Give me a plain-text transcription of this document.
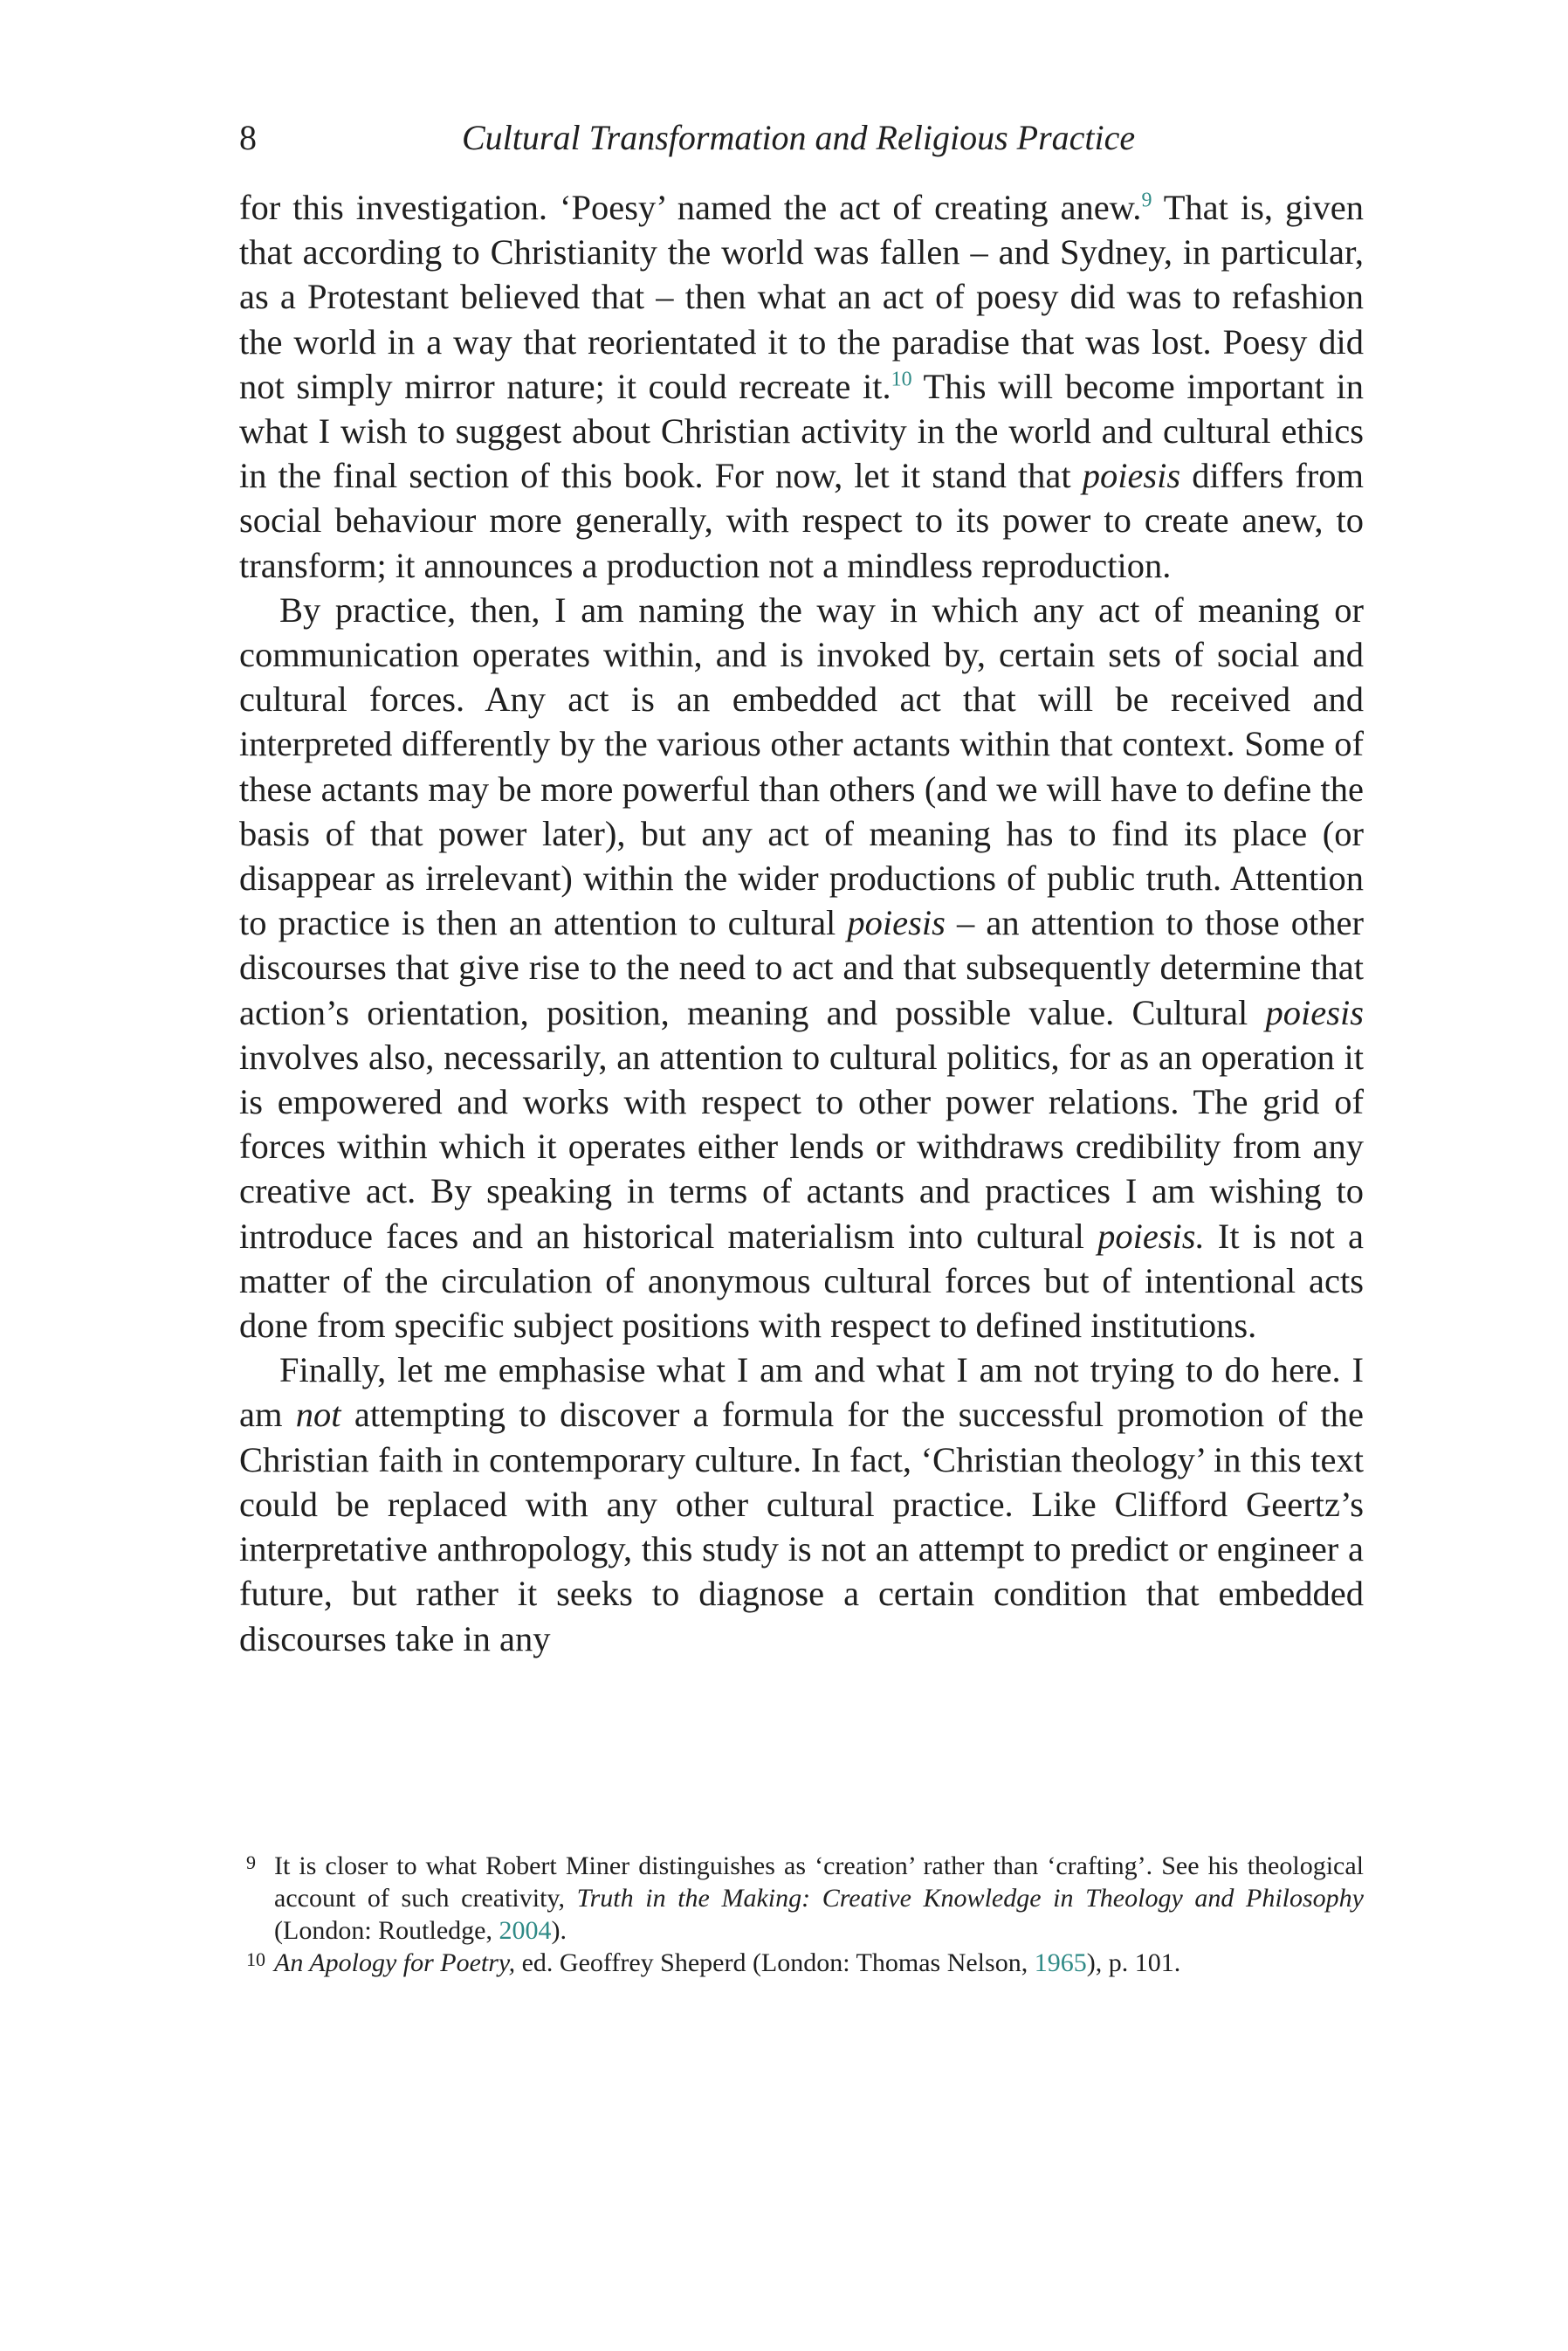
8	Cultural Transformation and Religious Practice

for this investigation. ‘Poesy’ named the act of creating anew.$^9$ That is, given that according to Christianity the world was fallen – and Sydney, in particular, as a Protestant believed that – then what an act of poesy did was to refashion the world in a way that reorientated it to the paradise that was lost. Poesy did not simply mirror nature; it could recreate it.$^{10}$ This will become important in what I wish to suggest about Christian activity in the world and cultural ethics in the final section of this book. For now, let it stand that poiesis differs from social behaviour more generally, with respect to its power to create anew, to transform; it announces a production not a mindless reproduction.

By practice, then, I am naming the way in which any act of meaning or communication operates within, and is invoked by, certain sets of social and cultural forces. Any act is an embedded act that will be received and interpreted differently by the various other actants within that context. Some of these actants may be more powerful than others (and we will have to define the basis of that power later), but any act of meaning has to find its place (or disappear as irrelevant) within the wider productions of public truth. Attention to practice is then an attention to cultural poiesis – an attention to those other discourses that give rise to the need to act and that subsequently determine that action’s orientation, position, meaning and possible value. Cultural poiesis involves also, necessarily, an attention to cultural politics, for as an operation it is empowered and works with respect to other power relations. The grid of forces within which it operates either lends or withdraws credibility from any creative act. By speaking in terms of actants and practices I am wishing to introduce faces and an historical materialism into cultural poiesis. It is not a matter of the circulation of anonymous cultural forces but of intentional acts done from specific subject positions with respect to defined institutions.

Finally, let me emphasise what I am and what I am not trying to do here. I am not attempting to discover a formula for the successful promotion of the Christian faith in contemporary culture. In fact, ‘Christian theology’ in this text could be replaced with any other cultural practice. Like Clifford Geertz’s interpretative anthropology, this study is not an attempt to predict or engineer a future, but rather it seeks to diagnose a certain condition that embedded discourses take in any

9 It is closer to what Robert Miner distinguishes as ‘creation’ rather than ‘crafting’. See his theological account of such creativity, Truth in the Making: Creative Knowledge in Theology and Philosophy (London: Routledge, 2004).

10 An Apology for Poetry, ed. Geoffrey Sheperd (London: Thomas Nelson, 1965), p. 101.
